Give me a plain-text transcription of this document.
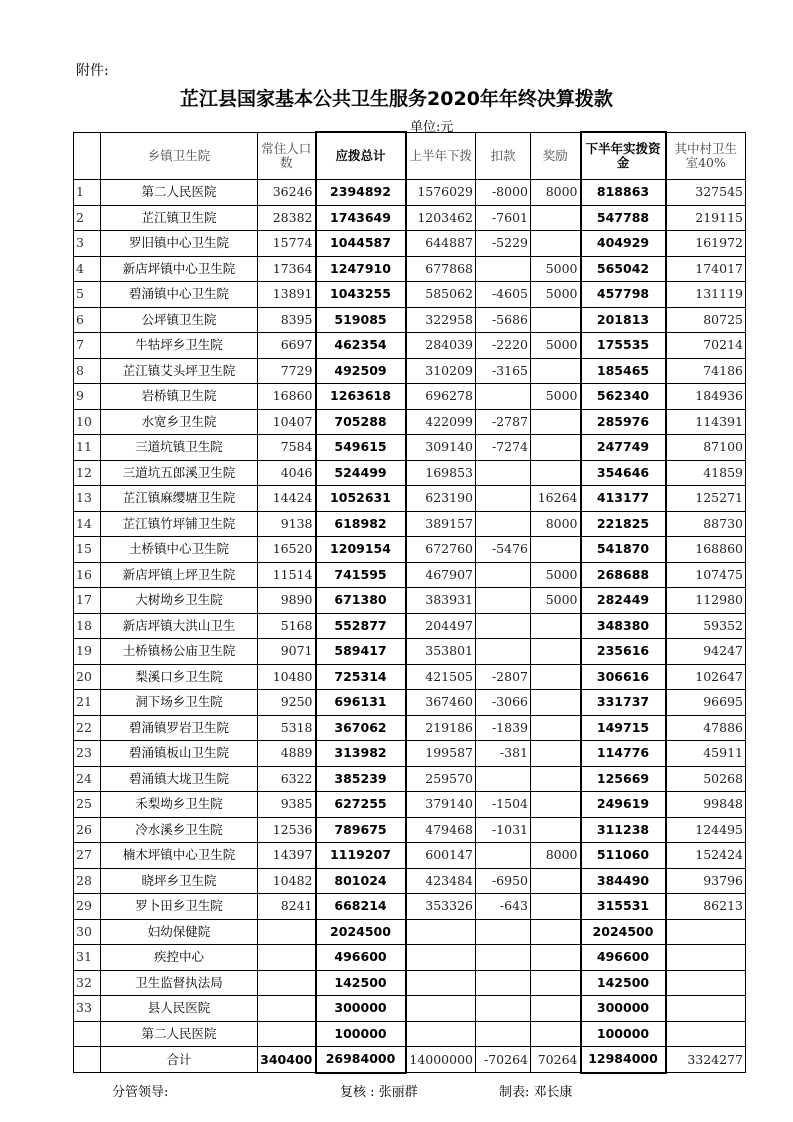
附件:
芷江县国家基本公共卫生服务2020年年终决算拨款
单位:元
	乡镇卫生院	常住人口数	应拨总计	上半年下拨	扣款	奖励	下半年实拨资金	其中村卫生室40%
1	第二人民医院	36246	2394892	1576029	-8000	8000	818863	327545
2	芷江镇卫生院	28382	1743649	1203462	-7601		547788	219115
3	罗旧镇中心卫生院	15774	1044587	644887	-5229		404929	161972
4	新店坪镇中心卫生院	17364	1247910	677868		5000	565042	174017
5	碧涌镇中心卫生院	13891	1043255	585062	-4605	5000	457798	131119
6	公坪镇卫生院	8395	519085	322958	-5686		201813	80725
7	牛牯坪乡卫生院	6697	462354	284039	-2220	5000	175535	70214
8	芷江镇艾头坪卫生院	7729	492509	310209	-3165		185465	74186
9	岩桥镇卫生院	16860	1263618	696278		5000	562340	184936
10	水宽乡卫生院	10407	705288	422099	-2787		285976	114391
11	三道坑镇卫生院	7584	549615	309140	-7274		247749	87100
12	三道坑五郎溪卫生院	4046	524499	169853			354646	41859
13	芷江镇麻缨塘卫生院	14424	1052631	623190		16264	413177	125271
14	芷江镇竹坪铺卫生院	9138	618982	389157		8000	221825	88730
15	土桥镇中心卫生院	16520	1209154	672760	-5476		541870	168860
16	新店坪镇上坪卫生院	11514	741595	467907		5000	268688	107475
17	大树坳乡卫生院	9890	671380	383931		5000	282449	112980
18	新店坪镇大洪山卫生	5168	552877	204497			348380	59352
19	土桥镇杨公庙卫生院	9071	589417	353801			235616	94247
20	梨溪口乡卫生院	10480	725314	421505	-2807		306616	102647
21	洞下场乡卫生院	9250	696131	367460	-3066		331737	96695
22	碧涌镇罗岩卫生院	5318	367062	219186	-1839		149715	47886
23	碧涌镇板山卫生院	4889	313982	199587	-381		114776	45911
24	碧涌镇大垅卫生院	6322	385239	259570			125669	50268
25	禾梨坳乡卫生院	9385	627255	379140	-1504		249619	99848
26	冷水溪乡卫生院	12536	789675	479468	-1031		311238	124495
27	楠木坪镇中心卫生院	14397	1119207	600147		8000	511060	152424
28	晓坪乡卫生院	10482	801024	423484	-6950		384490	93796
29	罗卜田乡卫生院	8241	668214	353326	-643		315531	86213
30	妇幼保健院		2024500				2024500	
31	疾控中心		496600				496600	
32	卫生监督执法局		142500				142500	
33	县人民医院		300000				300000	
	第二人民医院		100000				100000	
	合计	340400	26984000	14000000	-70264	70264	12984000	3324277
分管领导:	复核 : 张丽群	制表: 邓长康
